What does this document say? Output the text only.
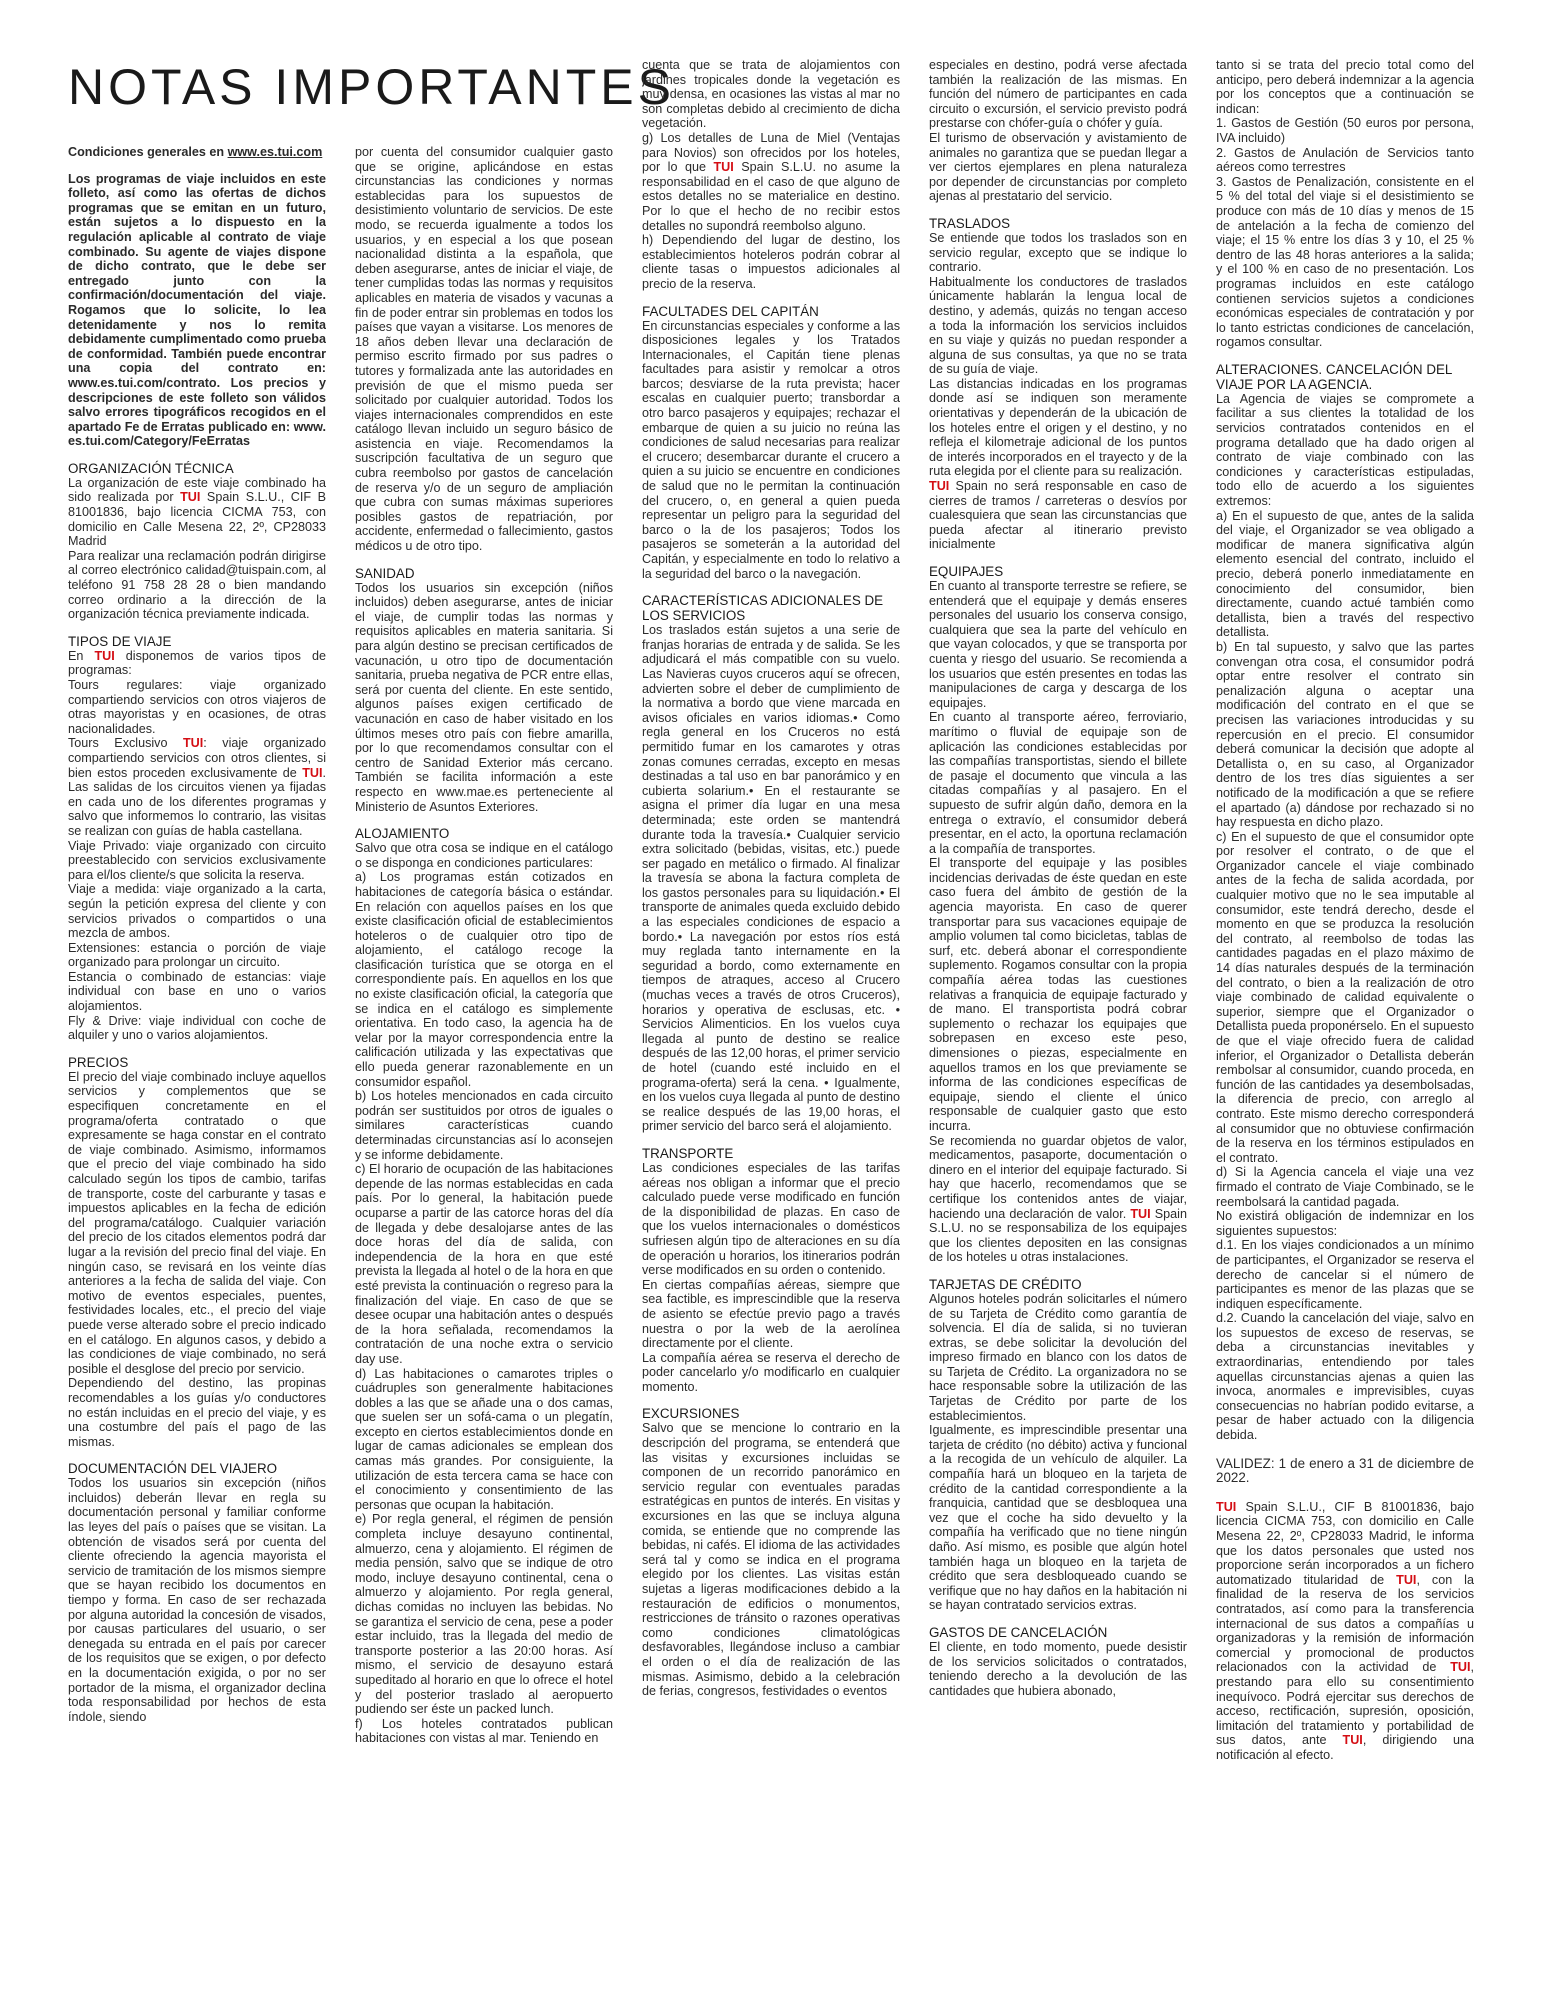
NOTAS IMPORTANTES

Condiciones generales en www.es.tui.com

Los programas de viaje incluidos en este folleto, así como las ofertas de dichos programas que se emitan en un futuro, están sujetos a lo dispuesto en la regulación aplicable al contrato de viaje combinado. Su agente de viajes dispone de dicho contrato, que le debe ser entregado junto con la confirmación/documentación del viaje. Rogamos que lo solicite, lo lea detenidamente y nos lo remita debidamente cumplimentado como prueba de conformidad. También puede encontrar una copia del contrato en: www.es.tui.com/contrato. Los precios y descripciones de este folleto son válidos salvo errores tipográficos recogidos en el apartado Fe de Erratas publicado en: www. es.tui.com/Category/FeErratas

ORGANIZACIÓN TÉCNICA

La organización de este viaje combinado ha sido realizada por TUI Spain S.L.U., CIF B 81001836, bajo licencia CICMA 753, con domicilio en Calle Mesena 22, 2º, CP28033 Madrid

Para realizar una reclamación podrán dirigirse al correo electrónico calidad@tuispain.com, al teléfono 91 758 28 28 o bien mandando correo ordinario a la dirección de la organización técnica previamente indicada.

TIPOS DE VIAJE

En TUI disponemos de varios tipos de programas:

Tours regulares: viaje organizado compartiendo servicios con otros viajeros de otras mayoristas y en ocasiones, de otras nacionalidades.

Tours Exclusivo TUI: viaje organizado compartiendo servicios con otros clientes, si bien estos proceden exclusivamente de TUI. Las salidas de los circuitos vienen ya fijadas en cada uno de los diferentes programas y salvo que informemos lo contrario, las visitas se realizan con guías de habla castellana.

Viaje Privado: viaje organizado con circuito preestablecido con servicios exclusivamente para el/los cliente/s que solicita la reserva.

Viaje a medida: viaje organizado a la carta, según la petición expresa del cliente y con servicios privados o compartidos o una mezcla de ambos.

Extensiones: estancia o porción de viaje organizado para prolongar un circuito.

Estancia o combinado de estancias: viaje individual con base en uno o varios alojamientos.

Fly & Drive: viaje individual con coche de alquiler y uno o varios alojamientos.

PRECIOS

El precio del viaje combinado incluye aquellos servicios y complementos que se especifiquen concretamente en el programa/oferta contratado o que expresamente se haga constar en el contrato de viaje combinado. Asimismo, informamos que el precio del viaje combinado ha sido calculado según los tipos de cambio, tarifas de transporte, coste del carburante y tasas e impuestos aplicables en la fecha de edición del programa/catálogo. Cualquier variación del precio de los citados elementos podrá dar lugar a la revisión del precio final del viaje. En ningún caso, se revisará en los veinte días anteriores a la fecha de salida del viaje. Con motivo de eventos especiales, puentes, festividades locales, etc., el precio del viaje puede verse alterado sobre el precio indicado en el catálogo. En algunos casos, y debido a las condiciones de viaje combinado, no será posible el desglose del precio por servicio.

Dependiendo del destino, las propinas recomendables a los guías y/o conductores no están incluidas en el precio del viaje, y es una costumbre del país el pago de las mismas.

DOCUMENTACIÓN DEL VIAJERO

Todos los usuarios sin excepción (niños incluidos) deberán llevar en regla su documentación personal y familiar conforme las leyes del país o países que se visitan. La obtención de visados será por cuenta del cliente ofreciendo la agencia mayorista el servicio de tramitación de los mismos siempre que se hayan recibido los documentos en tiempo y forma. En caso de ser rechazada por alguna autoridad la concesión de visados, por causas particulares del usuario, o ser denegada su entrada en el país por carecer de los requisitos que se exigen, o por defecto en la documentación exigida, o por no ser portador de la misma, el organizador declina toda responsabilidad por hechos de esta índole, siendo

por cuenta del consumidor cualquier gasto que se origine, aplicándose en estas circunstancias las condiciones y normas establecidas para los supuestos de desistimiento voluntario de servicios. De este modo, se recuerda igualmente a todos los usuarios, y en especial a los que posean nacionalidad distinta a la española, que deben asegurarse, antes de iniciar el viaje, de tener cumplidas todas las normas y requisitos aplicables en materia de visados y vacunas a fin de poder entrar sin problemas en todos los países que vayan a visitarse. Los menores de 18 años deben llevar una declaración de permiso escrito firmado por sus padres o tutores y formalizada ante las autoridades en previsión de que el mismo pueda ser solicitado por cualquier autoridad. Todos los viajes internacionales comprendidos en este catálogo llevan incluido un seguro básico de asistencia en viaje. Recomendamos la suscripción facultativa de un seguro que cubra reembolso por gastos de cancelación de reserva y/o de un seguro de ampliación que cubra con sumas máximas superiores posibles gastos de repatriación, por accidente, enfermedad o fallecimiento, gastos médicos u de otro tipo.

SANIDAD

Todos los usuarios sin excepción (niños incluidos) deben asegurarse, antes de iniciar el viaje, de cumplir todas las normas y requisitos aplicables en materia sanitaria. Si para algún destino se precisan certificados de vacunación, u otro tipo de documentación sanitaria, prueba negativa de PCR entre ellas, será por cuenta del cliente. En este sentido, algunos países exigen certificado de vacunación en caso de haber visitado en los últimos meses otro país con fiebre amarilla, por lo que recomendamos consultar con el centro de Sanidad Exterior más cercano. También se facilita información a este respecto en www.mae.es perteneciente al Ministerio de Asuntos Exteriores.

ALOJAMIENTO

Salvo que otra cosa se indique en el catálogo o se disponga en condiciones particulares:

a) Los programas están cotizados en habitaciones de categoría básica o estándar. En relación con aquellos países en los que existe clasificación oficial de establecimientos hoteleros o de cualquier otro tipo de alojamiento, el catálogo recoge la clasificación turística que se otorga en el correspondiente país. En aquellos en los que no existe clasificación oficial, la categoría que se indica en el catálogo es simplemente orientativa. En todo caso, la agencia ha de velar por la mayor correspondencia entre la calificación utilizada y las expectativas que ello pueda generar razonablemente en un consumidor español.

b) Los hoteles mencionados en cada circuito podrán ser sustituidos por otros de iguales o similares características cuando determinadas circunstancias así lo aconsejen y se informe debidamente.

c) El horario de ocupación de las habitaciones depende de las normas establecidas en cada país. Por lo general, la habitación puede ocuparse a partir de las catorce horas del día de llegada y debe desalojarse antes de las doce horas del día de salida, con independencia de la hora en que esté prevista la llegada al hotel o de la hora en que esté prevista la continuación o regreso para la finalización del viaje. En caso de que se desee ocupar una habitación antes o después de la hora señalada, recomendamos la contratación de una noche extra o servicio day use.

d) Las habitaciones o camarotes triples o cuádruples son generalmente habitaciones dobles a las que se añade una o dos camas, que suelen ser un sofá-cama o un plegatín, excepto en ciertos establecimientos donde en lugar de camas adicionales se emplean dos camas más grandes. Por consiguiente, la utilización de esta tercera cama se hace con el conocimiento y consentimiento de las personas que ocupan la habitación.

e) Por regla general, el régimen de pensión completa incluye desayuno continental, almuerzo, cena y alojamiento. El régimen de media pensión, salvo que se indique de otro modo, incluye desayuno continental, cena o almuerzo y alojamiento. Por regla general, dichas comidas no incluyen las bebidas. No se garantiza el servicio de cena, pese a poder estar incluido, tras la llegada del medio de transporte posterior a las 20:00 horas. Así mismo, el servicio de desayuno estará supeditado al horario en que lo ofrece el hotel y del posterior traslado al aeropuerto pudiendo ser éste un packed lunch.

f) Los hoteles contratados publican habitaciones con vistas al mar. Teniendo en

cuenta que se trata de alojamientos con jardines tropicales donde la vegetación es muy densa, en ocasiones las vistas al mar no son completas debido al crecimiento de dicha vegetación.

g) Los detalles de Luna de Miel (Ventajas para Novios) son ofrecidos por los hoteles, por lo que TUI Spain S.L.U. no asume la responsabilidad en el caso de que alguno de estos detalles no se materialice en destino. Por lo que el hecho de no recibir estos detalles no supondrá reembolso alguno.

h) Dependiendo del lugar de destino, los establecimientos hoteleros podrán cobrar al cliente tasas o impuestos adicionales al precio de la reserva.

FACULTADES DEL CAPITÁN

En circunstancias especiales y conforme a las disposiciones legales y los Tratados Internacionales, el Capitán tiene plenas facultades para asistir y remolcar a otros barcos; desviarse de la ruta prevista; hacer escalas en cualquier puerto; transbordar a otro barco pasajeros y equipajes; rechazar el embarque de quien a su juicio no reúna las condiciones de salud necesarias para realizar el crucero; desembarcar durante el crucero a quien a su juicio se encuentre en condiciones de salud que no le permitan la continuación del crucero, o, en general a quien pueda representar un peligro para la seguridad del barco o la de los pasajeros; Todos los pasajeros se someterán a la autoridad del Capitán, y especialmente en todo lo relativo a la seguridad del barco o la navegación.

CARACTERÍSTICAS ADICIONALES DE LOS SERVICIOS

Los traslados están sujetos a una serie de franjas horarias de entrada y de salida. Se les adjudicará el más compatible con su vuelo. Las Navieras cuyos cruceros aquí se ofrecen, advierten sobre el deber de cumplimiento de la normativa a bordo que viene marcada en avisos oficiales en varios idiomas.• Como regla general en los Cruceros no está permitido fumar en los camarotes y otras zonas comunes cerradas, excepto en mesas destinadas a tal uso en bar panorámico y en cubierta solarium.• En el restaurante se asigna el primer día lugar en una mesa determinada; este orden se mantendrá durante toda la travesía.• Cualquier servicio extra solicitado (bebidas, visitas, etc.) puede ser pagado en metálico o firmado. Al finalizar la travesía se abona la factura completa de los gastos personales para su liquidación.• El transporte de animales queda excluido debido a las especiales condiciones de espacio a bordo.• La navegación por estos ríos está muy reglada tanto internamente en la seguridad a bordo, como externamente en tiempos de atraques, acceso al Crucero (muchas veces a través de otros Cruceros), horarios y operativa de esclusas, etc. • Servicios Alimenticios. En los vuelos cuya llegada al punto de destino se realice después de las 12,00 horas, el primer servicio de hotel (cuando esté incluido en el programa-oferta) será la cena. • Igualmente, en los vuelos cuya llegada al punto de destino se realice después de las 19,00 horas, el primer servicio del barco será el alojamiento.

TRANSPORTE

Las condiciones especiales de las tarifas aéreas nos obligan a informar que el precio calculado puede verse modificado en función de la disponibilidad de plazas. En caso de que los vuelos internacionales o domésticos sufriesen algún tipo de alteraciones en su día de operación u horarios, los itinerarios podrán verse modificados en su orden o contenido.

En ciertas compañías aéreas, siempre que sea factible, es imprescindible que la reserva de asiento se efectúe previo pago a través nuestra o por la web de la aerolínea directamente por el cliente.

La compañía aérea se reserva el derecho de poder cancelarlo y/o modificarlo en cualquier momento.

EXCURSIONES

Salvo que se mencione lo contrario en la descripción del programa, se entenderá que las visitas y excursiones incluidas se componen de un recorrido panorámico en servicio regular con eventuales paradas estratégicas en puntos de interés. En visitas y excursiones en las que se incluya alguna comida, se entiende que no comprende las bebidas, ni cafés. El idioma de las actividades será tal y como se indica en el programa elegido por los clientes. Las visitas están sujetas a ligeras modificaciones debido a la restauración de edificios o monumentos, restricciones de tránsito o razones operativas como condiciones climatológicas desfavorables, llegándose incluso a cambiar el orden o el día de realización de las mismas. Asimismo, debido a la celebración de ferias, congresos, festividades o eventos

especiales en destino, podrá verse afectada también la realización de las mismas. En función del número de participantes en cada circuito o excursión, el servicio previsto podrá prestarse con chófer-guía o chófer y guía.

El turismo de observación y avistamiento de animales no garantiza que se puedan llegar a ver ciertos ejemplares en plena naturaleza por depender de circunstancias por completo ajenas al prestatario del servicio.

TRASLADOS

Se entiende que todos los traslados son en servicio regular, excepto que se indique lo contrario.

Habitualmente los conductores de traslados únicamente hablarán la lengua local de destino, y además, quizás no tengan acceso a toda la información los servicios incluidos en su viaje y quizás no puedan responder a alguna de sus consultas, ya que no se trata de su guía de viaje.

Las distancias indicadas en los programas donde así se indiquen son meramente orientativas y dependerán de la ubicación de los hoteles entre el origen y el destino, y no refleja el kilometraje adicional de los puntos de interés incorporados en el trayecto y de la ruta elegida por el cliente para su realización.

TUI Spain no será responsable en caso de cierres de tramos / carreteras o desvíos por cualesquiera que sean las circunstancias que pueda afectar al itinerario previsto inicialmente

EQUIPAJES

En cuanto al transporte terrestre se refiere, se entenderá que el equipaje y demás enseres personales del usuario los conserva consigo, cualquiera que sea la parte del vehículo en que vayan colocados, y que se transporta por cuenta y riesgo del usuario. Se recomienda a los usuarios que estén presentes en todas las manipulaciones de carga y descarga de los equipajes.

En cuanto al transporte aéreo, ferroviario, marítimo o fluvial de equipaje son de aplicación las condiciones establecidas por las compañías transportistas, siendo el billete de pasaje el documento que vincula a las citadas compañías y al pasajero. En el supuesto de sufrir algún daño, demora en la entrega o extravío, el consumidor deberá presentar, en el acto, la oportuna reclamación a la compañía de transportes.

El transporte del equipaje y las posibles incidencias derivadas de éste quedan en este caso fuera del ámbito de gestión de la agencia mayorista. En caso de querer transportar para sus vacaciones equipaje de amplio volumen tal como bicicletas, tablas de surf, etc. deberá abonar el correspondiente suplemento. Rogamos consultar con la propia compañía aérea todas las cuestiones relativas a franquicia de equipaje facturado y de mano. El transportista podrá cobrar suplemento o rechazar los equipajes que sobrepasen en exceso este peso, dimensiones o piezas, especialmente en aquellos tramos en los que previamente se informa de las condiciones específicas de equipaje, siendo el cliente el único responsable de cualquier gasto que esto incurra.

Se recomienda no guardar objetos de valor, medicamentos, pasaporte, documentación o dinero en el interior del equipaje facturado. Si hay que hacerlo, recomendamos que se certifique los contenidos antes de viajar, haciendo una declaración de valor. TUI Spain S.L.U. no se responsabiliza de los equipajes que los clientes depositen en las consignas de los hoteles u otras instalaciones.

TARJETAS DE CRÉDITO

Algunos hoteles podrán solicitarles el número de su Tarjeta de Crédito como garantía de solvencia. El día de salida, si no tuvieran extras, se debe solicitar la devolución del impreso firmado en blanco con los datos de su Tarjeta de Crédito. La organizadora no se hace responsable sobre la utilización de las Tarjetas de Crédito por parte de los establecimientos.

Igualmente, es imprescindible presentar una tarjeta de crédito (no débito) activa y funcional a la recogida de un vehículo de alquiler. La compañía hará un bloqueo en la tarjeta de crédito de la cantidad correspondiente a la franquicia, cantidad que se desbloquea una vez que el coche ha sido devuelto y la compañía ha verificado que no tiene ningún daño. Así mismo, es posible que algún hotel también haga un bloqueo en la tarjeta de crédito que sera desbloqueado cuando se verifique que no hay daños en la habitación ni se hayan contratado servicios extras.

GASTOS DE CANCELACIÓN

El cliente, en todo momento, puede desistir de los servicios solicitados o contratados, teniendo derecho a la devolución de las cantidades que hubiera abonado,

tanto si se trata del precio total como del anticipo, pero deberá indemnizar a la agencia por los conceptos que a continuación se indican:

1. Gastos de Gestión (50 euros por persona, IVA incluido)

2. Gastos de Anulación de Servicios tanto aéreos como terrestres

3. Gastos de Penalización, consistente en el 5 % del total del viaje si el desistimiento se produce con más de 10 días y menos de 15 de antelación a la fecha de comienzo del viaje; el 15 % entre los días 3 y 10, el 25 % dentro de las 48 horas anteriores a la salida; y el 100 % en caso de no presentación. Los programas incluidos en este catálogo contienen servicios sujetos a condiciones económicas especiales de contratación y por lo tanto estrictas condiciones de cancelación, rogamos consultar.

ALTERACIONES. CANCELACIÓN DEL VIAJE POR LA AGENCIA.

La Agencia de viajes se compromete a facilitar a sus clientes la totalidad de los servicios contratados contenidos en el programa detallado que ha dado origen al contrato de viaje combinado con las condiciones y características estipuladas, todo ello de acuerdo a los siguientes extremos:

a) En el supuesto de que, antes de la salida del viaje, el Organizador se vea obligado a modificar de manera significativa algún elemento esencial del contrato, incluido el precio, deberá ponerlo inmediatamente en conocimiento del consumidor, bien directamente, cuando actué también como detallista, bien a través del respectivo detallista.

b) En tal supuesto, y salvo que las partes convengan otra cosa, el consumidor podrá optar entre resolver el contrato sin penalización alguna o aceptar una modificación del contrato en el que se precisen las variaciones introducidas y su repercusión en el precio. El consumidor deberá comunicar la decisión que adopte al Detallista o, en su caso, al Organizador dentro de los tres días siguientes a ser notificado de la modificación a que se refiere el apartado (a) dándose por rechazado si no hay respuesta en dicho plazo.

c) En el supuesto de que el consumidor opte por resolver el contrato, o de que el Organizador cancele el viaje combinado antes de la fecha de salida acordada, por cualquier motivo que no le sea imputable al consumidor, este tendrá derecho, desde el momento en que se produzca la resolución del contrato, al reembolso de todas las cantidades pagadas en el plazo máximo de 14 días naturales después de la terminación del contrato, o bien a la realización de otro viaje combinado de calidad equivalente o superior, siempre que el Organizador o Detallista pueda proponérselo. En el supuesto de que el viaje ofrecido fuera de calidad inferior, el Organizador o Detallista deberán rembolsar al consumidor, cuando proceda, en función de las cantidades ya desembolsadas, la diferencia de precio, con arreglo al contrato. Este mismo derecho corresponderá al consumidor que no obtuviese confirmación de la reserva en los términos estipulados en el contrato.

d) Si la Agencia cancela el viaje una vez firmado el contrato de Viaje Combinado, se le reembolsará la cantidad pagada.

No existirá obligación de indemnizar en los siguientes supuestos:

d.1. En los viajes condicionados a un mínimo de participantes, el Organizador se reserva el derecho de cancelar si el número de participantes es menor de las plazas que se indiquen específicamente.

d.2. Cuando la cancelación del viaje, salvo en los supuestos de exceso de reservas, se deba a circunstancias inevitables y extraordinarias, entendiendo por tales aquellas circunstancias ajenas a quien las invoca, anormales e imprevisibles, cuyas consecuencias no habrían podido evitarse, a pesar de haber actuado con la diligencia debida.

VALIDEZ: 1 de enero a 31 de diciembre de 2022.

TUI Spain S.L.U., CIF B 81001836, bajo licencia CICMA 753, con domicilio en Calle Mesena 22, 2º, CP28033 Madrid, le informa que los datos personales que usted nos proporcione serán incorporados a un fichero automatizado titularidad de TUI, con la finalidad de la reserva de los servicios contratados, así como para la transferencia internacional de sus datos a compañías u organizadoras y la remisión de información comercial y promocional de productos relacionados con la actividad de TUI, prestando para ello su consentimiento inequívoco. Podrá ejercitar sus derechos de acceso, rectificación, supresión, oposición, limitación del tratamiento y portabilidad de sus datos, ante TUI, dirigiendo una notificación al efecto.
